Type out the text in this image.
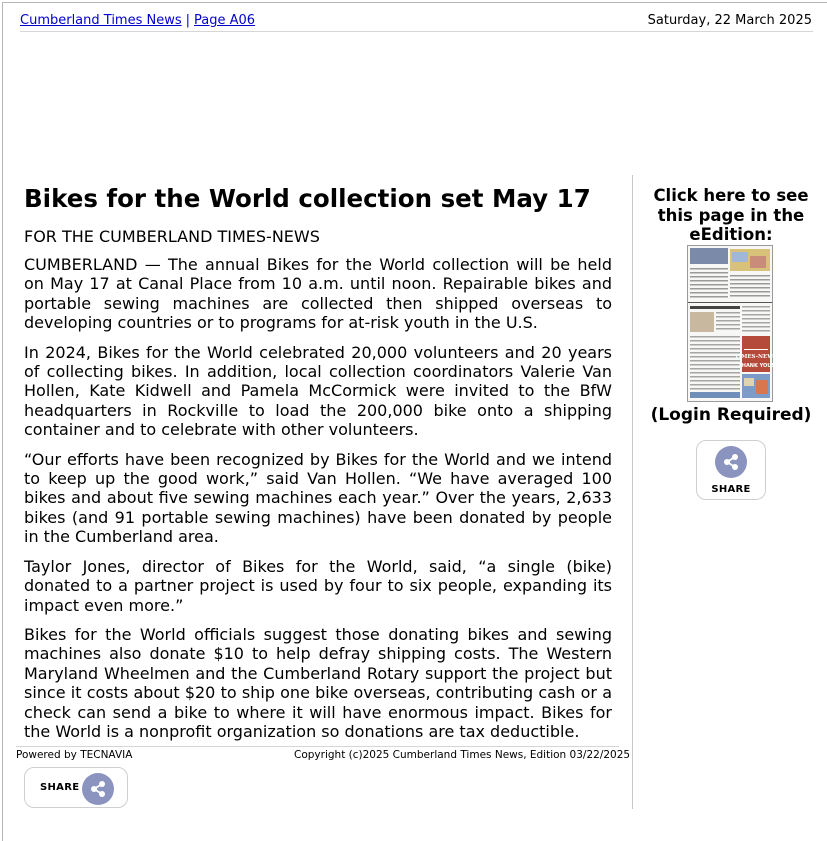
Cumberland Times News | Page A06	Saturday, 22 March 2025
Bikes for the World collection set May 17

FOR THE CUMBERLAND TIMES-NEWS

CUMBERLAND — The annual Bikes for the World collection will be held on May 17 at Canal Place from 10 a.m. until noon. Repairable bikes and portable sewing machines are collected then shipped overseas to developing countries or to programs for at-risk youth in the U.S.

In 2024, Bikes for the World celebrated 20,000 volunteers and 20 years of collecting bikes. In addition, local collection coordinators Valerie Van Hollen, Kate Kidwell and Pamela McCormick were invited to the BfW headquarters in Rockville to load the 200,000 bike onto a shipping container and to celebrate with other volunteers.

“Our efforts have been recognized by Bikes for the World and we intend to keep up the good work,” said Van Hollen. “We have averaged 100 bikes and about five sewing machines each year.” Over the years, 2,633 bikes (and 91 portable sewing machines) have been donated by people in the Cumberland area.

Taylor Jones, director of Bikes for the World, said, “a single (bike) donated to a partner project is used by four to six people, expanding its impact even more.”

Bikes for the World officials suggest those donating bikes and sewing machines also donate $10 to help defray shipping costs. The Western Maryland Wheelmen and the Cumberland Rotary support the project but since it costs about $20 to ship one bike overseas, contributing cash or a check can send a bike to where it will have enormous impact. Bikes for the World is a nonprofit organization so donations are tax deductible.

Powered by TECNAVIA	Copyright (c)2025 Cumberland Times News, Edition 03/22/2025
SHARE
Click here to see this page in the eEdition:
TIMES-NEWS
THANK YOU!
(Login Required)
SHARE
